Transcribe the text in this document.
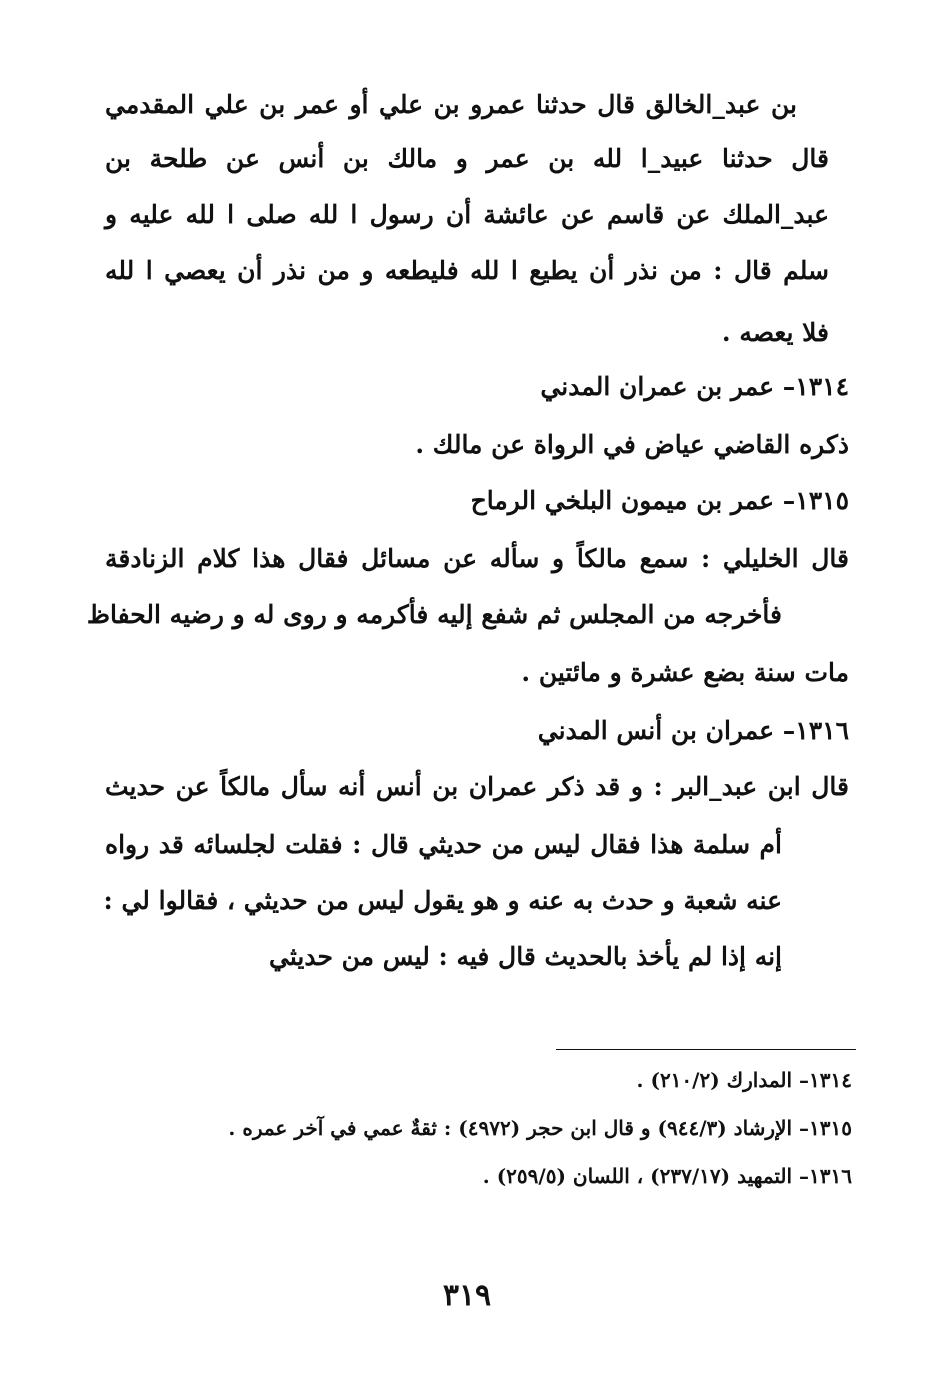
بن عبد_الخالق قال حدثنا عمرو بن علي أو عمر بن علي المقدمي
قال حدثنا عبيد_ا لله بن عمر و مالك بن أنس عن طلحة بن
عبد_الملك عن قاسم عن عائشة أن رسول ا لله صلى ا لله عليه و
سلم قال : من نذر أن يطيع ا لله فليطعه و من نذر أن يعصي ا لله
فلا يعصه .
١٣١٤– عمر بن عمران المدني
ذكره القاضي عياض في الرواة عن مالك .
١٣١٥– عمر بن ميمون البلخي الرماح
قال الخليلي : سمع مالكاً و سأله عن مسائل فقال هذا كلام الزنادقة
فأخرجه من المجلس ثم شفع إليه فأكرمه و روى له و رضيه الحفاظ
مات سنة بضع عشرة و مائتين .
١٣١٦– عمران بن أنس المدني
قال ابن عبد_البر : و قد ذكر عمران بن أنس أنه سأل مالكاً عن حديث
أم سلمة هذا فقال ليس من حديثي قال : فقلت لجلسائه قد رواه
عنه شعبة و حدث به عنه و هو يقول ليس من حديثي ، فقالوا لي :
إنه إذا لم يأخذ بالحديث قال فيه : ليس من حديثي
١٣١٤– المدارك (٢١٠/٢) .
١٣١٥– الإرشاد (٩٤٤/٣) و قال ابن حجر (٤٩٧٢) : ثقةٌ عمي في آخر عمره .
١٣١٦– التمهيد (٢٣٧/١٧) ، اللسان (٢٥٩/٥) .
٣١٩
